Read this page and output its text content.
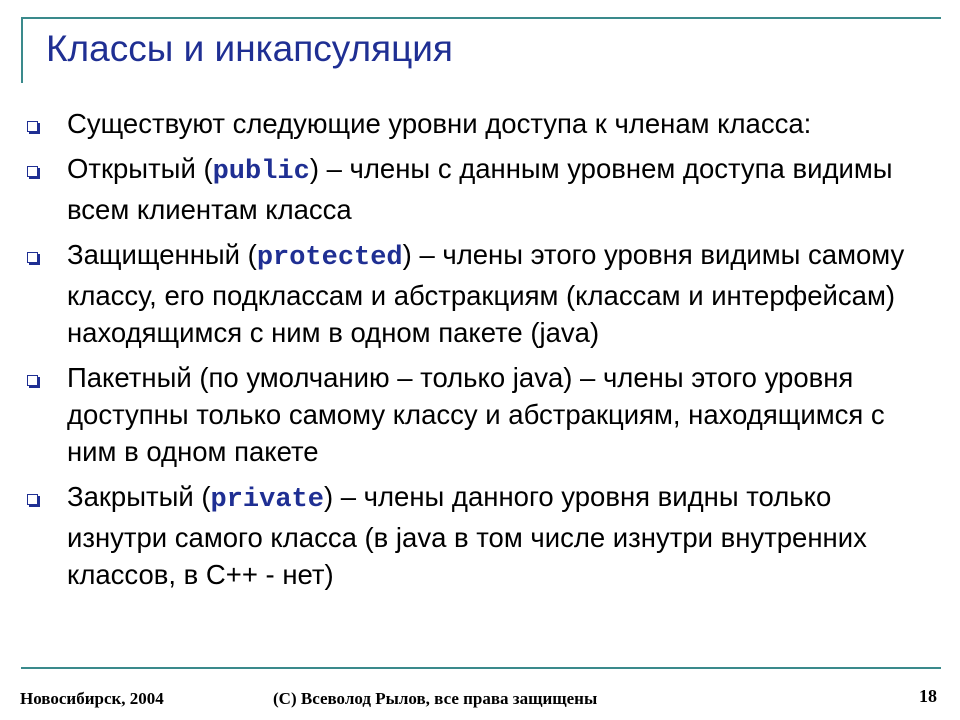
Классы и инкапсуляция
Существуют следующие уровни доступа к членам класса:
Открытый (public) – члены с данным уровнем доступа видимы всем клиентам класса
Защищенный (protected) – члены этого уровня видимы самому классу, его подклассам и абстракциям (классам и интерфейсам) находящимся с ним в одном пакете (java)
Пакетный (по умолчанию – только java) – члены этого уровня доступны только самому классу и абстракциям, находящимся с ним в одном пакете
Закрытый (private) – члены данного уровня видны только изнутри самого класса (в java в том числе изнутри внутренних классов, в С++ - нет)
Новосибирск, 2004	(C) Всеволод Рылов, все права защищены	18
